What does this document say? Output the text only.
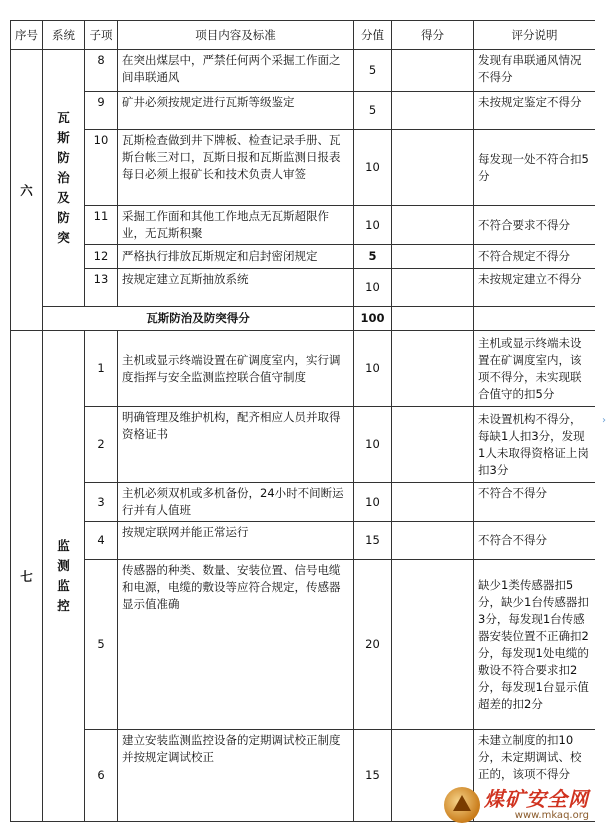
序号	系统	子项	项目内容及标准	分值	得分	评分说明
六	瓦斯防治及防突	8	在突出煤层中，严禁任何两个采掘工作面之间串联通风	5		发现有串联通风情况不得分
		9	矿井必须按规定进行瓦斯等级鉴定	5		未按规定鉴定不得分
		10	瓦斯检查做到井下牌板、检查记录手册、瓦斯台帐三对口，瓦斯日报和瓦斯监测日报表每日必须上报矿长和技术负责人审签	10		每发现一处不符合扣5分
		11	采掘工作面和其他工作地点无瓦斯超限作业，无瓦斯积聚	10		不符合要求不得分
		12	严格执行排放瓦斯规定和启封密闭规定	5		不符合规定不得分
		13	按规定建立瓦斯抽放系统	10		未按规定建立不得分
	瓦斯防治及防突得分			100		
七	监测监控	1	主机或显示终端设置在矿调度室内，实行调度指挥与安全监测监控联合值守制度	10		主机或显示终端未设置在矿调度室内，该项不得分，未实现联合值守的扣5分
		2	明确管理及维护机构，配齐相应人员并取得资格证书	10		未设置机构不得分，每缺1人扣3分，发现1人未取得资格证上岗扣3分
		3	主机必须双机或多机备份，24小时不间断运行并有人值班	10		不符合不得分
		4	按规定联网并能正常运行	15		不符合不得分
		5	传感器的种类、数量、安装位置、信号电缆和电源，电缆的敷设等应符合规定，传感器显示值准确	20		缺少1类传感器扣5分，缺少1台传感器扣3分，每发现1台传感器安装位置不正确扣2分，每发现1处电缆的敷设不符合要求扣2分，每发现1台显示值超差的扣2分
		6	建立安装监测监控设备的定期调试校正制度并按规定调试校正	15		未建立制度的扣10分，未定期调试、校正的，该项不得分
›
煤矿安全网
www.mkaq.org
